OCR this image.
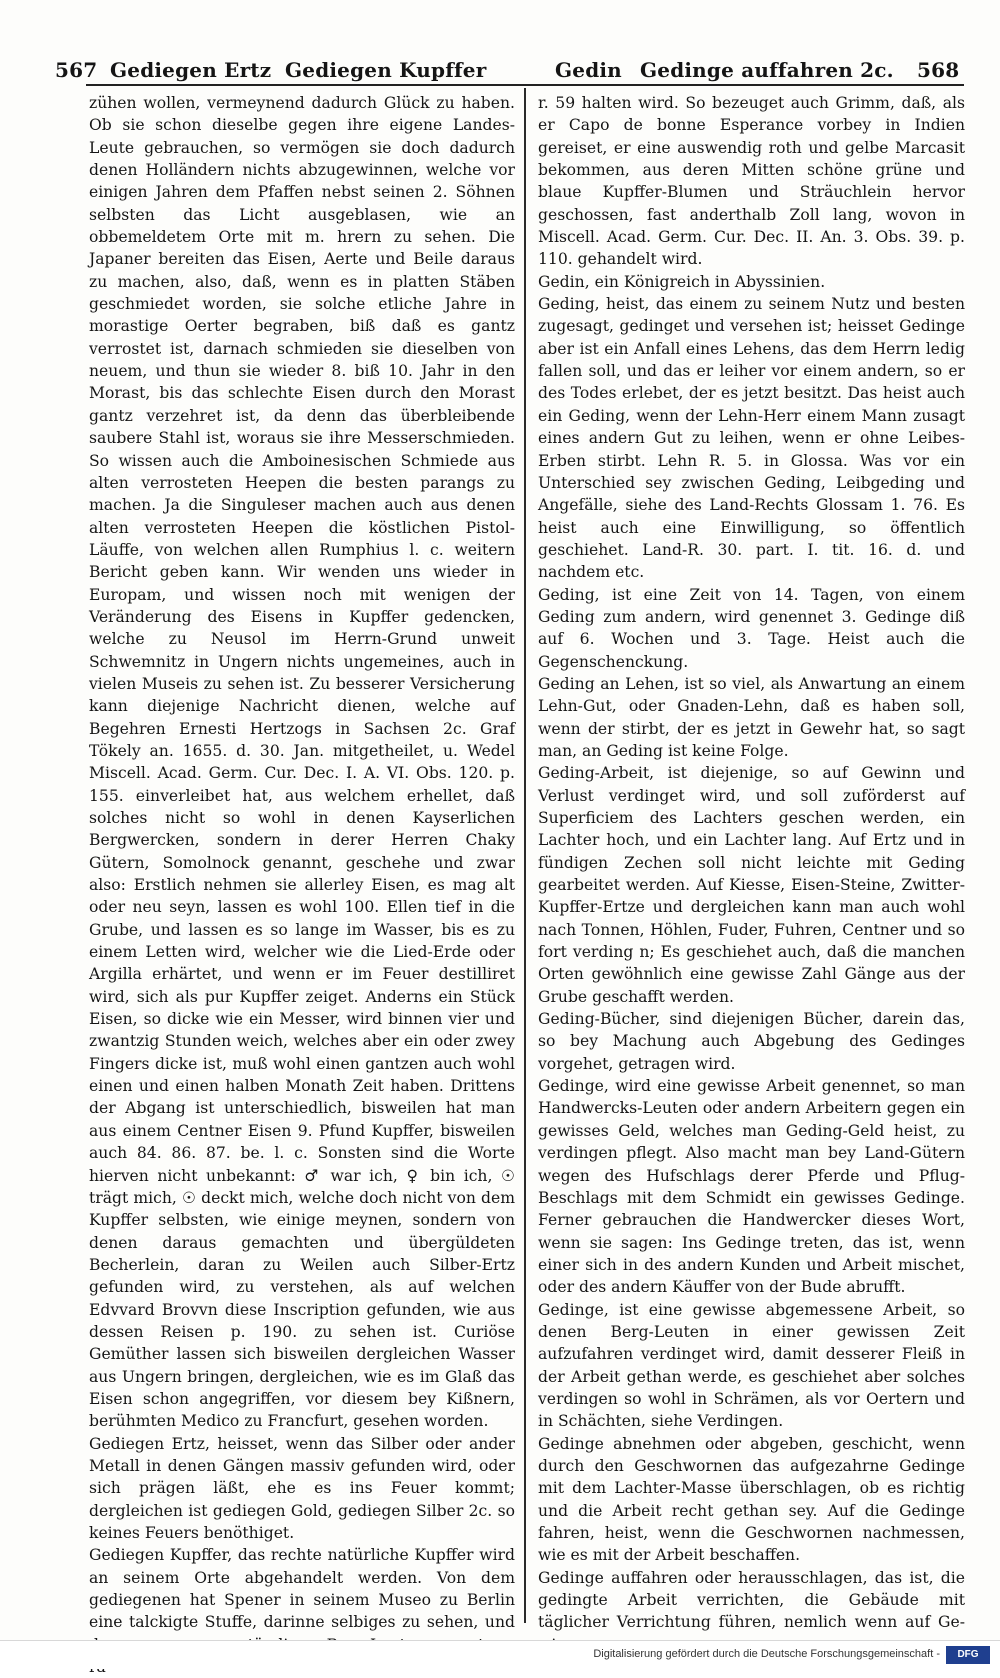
567 Gediegen Ertz Gediegen Kupffer	Gedin Gedinge auffahren 2c. 568

zühen wollen, vermeynend dadurch Glück zu haben. Ob sie schon dieselbe gegen ihre eigene Landes-Leute gebrauchen, so vermögen sie doch dadurch denen Holländern nichts abzugewinnen, welche vor einigen Jahren dem Pfaffen nebst seinen 2. Söhnen selbsten das Licht ausgeblasen, wie an obbemeldetem Orte mit m. hrern zu sehen. Die Japaner bereiten das Eisen, Aerte und Beile daraus zu machen, also, daß, wenn es in platten Stäben geschmiedet worden, sie solche etliche Jahre in morastige Oerter begraben, biß daß es gantz verrostet ist, darnach schmieden sie dieselben von neuem, und thun sie wieder 8. biß 10. Jahr in den Morast, bis das schlechte Eisen durch den Morast gantz verzehret ist, da denn das überbleibende saubere Stahl ist, woraus sie ihre Messerschmieden. So wissen auch die Amboinesischen Schmiede aus alten verrosteten Heepen die besten parangs zu machen. Ja die Singuleser machen auch aus denen alten verrosteten Heepen die köstlichen Pistol-Läuffe, von welchen allen Rumphius l. c. weitern Bericht geben kann. Wir wenden uns wieder in Europam, und wissen noch mit wenigen der Veränderung des Eisens in Kupffer gedencken, welche zu Neusol im Herrn-Grund unweit Schwemnitz in Ungern nichts ungemeines, auch in vielen Museis zu sehen ist. Zu besserer Versicherung kann diejenige Nachricht dienen, welche auf Begehren Ernesti Hertzogs in Sachsen 2c. Graf Tökely an. 1655. d. 30. Jan. mitgetheilet, u. Wedel Miscell. Acad. Germ. Cur. Dec. I. A. VI. Obs. 120. p. 155. einverleibet hat, aus welchem erhellet, daß solches nicht so wohl in denen Kayserlichen Bergwercken, sondern in derer Herren Chaky Gütern, Somolnock genannt, geschehe und zwar also: Erstlich nehmen sie allerley Eisen, es mag alt oder neu seyn, lassen es wohl 100. Ellen tief in die Grube, und lassen es so lange im Wasser, bis es zu einem Letten wird, welcher wie die Lied-Erde oder Argilla erhärtet, und wenn er im Feuer destilliret wird, sich als pur Kupffer zeiget. Anderns ein Stück Eisen, so dicke wie ein Messer, wird binnen vier und zwantzig Stunden weich, welches aber ein oder zwey Fingers dicke ist, muß wohl einen gantzen auch wohl einen und einen halben Monath Zeit haben. Drittens der Abgang ist unterschiedlich, bisweilen hat man aus einem Centner Eisen 9. Pfund Kupffer, bisweilen auch 84. 86. 87. be. l. c. Sonsten sind die Worte hierven nicht unbekannt: ♂ war ich, ♀ bin ich, ☉ trägt mich, ☉ deckt mich, welche doch nicht von dem Kupffer selbsten, wie einige meynen, sondern von denen daraus gemachten und übergüldeten Becherlein, daran zu Weilen auch Silber-Ertz gefunden wird, zu verstehen, als auf welchen Edvvard Brovvn diese Inscription gefunden, wie aus dessen Reisen p. 190. zu sehen ist. Curiöse Gemüther lassen sich bisweilen dergleichen Wasser aus Ungern bringen, dergleichen, wie es im Glaß das Eisen schon angegriffen, vor diesem bey Kißnern, berühmten Medico zu Francfurt, gesehen worden.

Gediegen Ertz, heisset, wenn das Silber oder ander Metall in denen Gängen massiv gefunden wird, oder sich prägen läßt, ehe es ins Feuer kommt; dergleichen ist gediegen Gold, gediegen Silber 2c. so keines Feuers benöthiget.

Gediegen Kupffer, das rechte natürliche Kupffer wird an seinem Orte abgehandelt werden. Von dem gediegenen hat Spener in seinem Museo zu Berlin eine talckigte Stuffe, darinne selbiges zu sehen, und

r. 59 halten wird. So bezeuget auch Grimm, daß, als er Capo de bonne Esperance vorbey in Indien gereiset, er eine auswendig roth und gelbe Marcasit bekommen, aus deren Mitten schöne grüne und blaue Kupffer-Blumen und Sträuchlein hervor geschossen, fast anderthalb Zoll lang, wovon in Miscell. Acad. Germ. Cur. Dec. II. An. 3. Obs. 39. p. 110. gehandelt wird.

Gedin, ein Königreich in Abyssinien.

Geding, heist, das einem zu seinem Nutz und besten zugesagt, gedinget und versehen ist; heisset Gedinge aber ist ein Anfall eines Lehens, das dem Herrn ledig fallen soll, und das er leiher vor einem andern, so er des Todes erlebet, der es jetzt besitzt. Das heist auch ein Geding, wenn der Lehn-Herr einem Mann zusagt eines andern Gut zu leihen, wenn er ohne Leibes-Erben stirbt. Lehn R. 5. in Glossa. Was vor ein Unterschied sey zwischen Geding, Leibgeding und Angefälle, siehe des Land-Rechts Glossam 1. 76. Es heist auch eine Einwilligung, so öffentlich geschiehet. Land-R. 30. part. I. tit. 16. d. und nachdem etc.

Geding, ist eine Zeit von 14. Tagen, von einem Geding zum andern, wird genennet 3. Gedinge diß auf 6. Wochen und 3. Tage. Heist auch die Gegenschenckung.

Geding an Lehen, ist so viel, als Anwartung an einem Lehn-Gut, oder Gnaden-Lehn, daß es haben soll, wenn der stirbt, der es jetzt in Gewehr hat, so sagt man, an Geding ist keine Folge.

Geding-Arbeit, ist diejenige, so auf Gewinn und Verlust verdinget wird, und soll zuförderst auf Superficiem des Lachters geschen werden, ein Lachter hoch, und ein Lachter lang. Auf Ertz und in fündigen Zechen soll nicht leichte mit Geding gearbeitet werden. Auf Kiesse, Eisen-Steine, Zwitter-Kupffer-Ertze und dergleichen kann man auch wohl nach Tonnen, Höhlen, Fuder, Fuhren, Centner und so fort verding n; Es geschiehet auch, daß die manchen Orten gewöhnlich eine gewisse Zahl Gänge aus der Grube geschafft werden.

Geding-Bücher, sind diejenigen Bücher, darein das, so bey Machung auch Abgebung des Gedinges vorgehet, getragen wird.

Gedinge, wird eine gewisse Arbeit genennet, so man Handwercks-Leuten oder andern Arbeitern gegen ein gewisses Geld, welches man Geding-Geld heist, zu verdingen pflegt. Also macht man bey Land-Gütern wegen des Hufschlags derer Pferde und Pflug-Beschlags mit dem Schmidt ein gewisses Gedinge. Ferner gebrauchen die Handwercker dieses Wort, wenn sie sagen: Ins Gedinge treten, das ist, wenn einer sich in des andern Kunden und Arbeit mischet, oder des andern Käuffer von der Bude abrufft.

Gedinge, ist eine gewisse abgemessene Arbeit, so denen Berg-Leuten in einer gewissen Zeit aufzufahren verdinget wird, damit desserer Fleiß in der Arbeit gethan werde, es geschiehet aber solches verdingen so wohl in Schrämen, als vor Oertern und in Schächten, siehe Verdingen.

Gedinge abnehmen oder abgeben, geschicht, wenn durch den Geschwornen das aufgezahrne Gedinge mit dem Lachter-Masse überschlagen, ob es richtig und die Arbeit recht gethan sey. Auf die Gedinge fahren, heist, wenn die Geschwornen nachmessen, wie es mit der Arbeit beschaffen.

Gedinge auffahren oder herausschlagen, das ist, die gedingte Arbeit verrichten, die Gebäude mit täglicher Verrichtung führen, nemlich wenn auf Ge-

Digitalisierung gefördert durch die Deutsche Forschungsgemeinschaft -	DFG
